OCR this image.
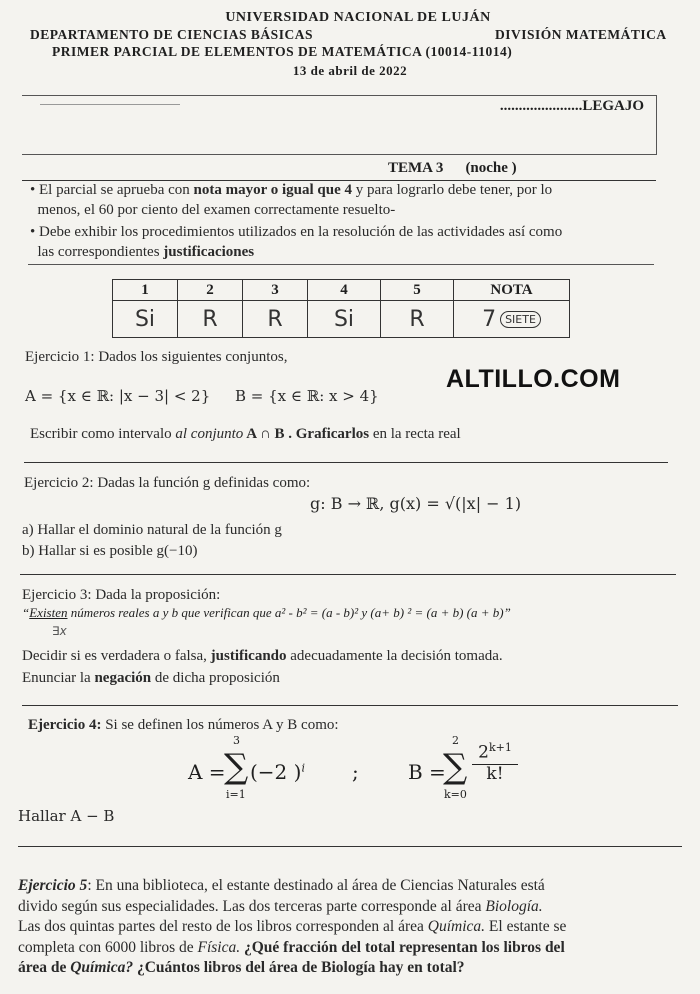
UNIVERSIDAD NACIONAL DE LUJÁN
DEPARTAMENTO DE CIENCIAS BÁSICAS	DIVISIÓN MATEMÁTICA
PRIMER PARCIAL DE ELEMENTOS DE MATEMÁTICA (10014-11014)
13 de abril de 2022
......................LEGAJO
TEMA 3 (noche )
• El parcial se aprueba con nota mayor o igual que 4 y para lograrlo debe tener, por lo
menos, el 60 por ciento del examen correctamente resuelto-
• Debe exhibir los procedimientos utilizados en la resolución de las actividades así como
las correspondientes justificaciones
1	2	3	4	5	NOTA
Si	R	R	Si	R	7 SIETE
Ejercicio 1: Dados los siguientes conjuntos,
ALTILLO.COM
A = {x ∈ ℝ: |x − 3| < 2} B = {x ∈ ℝ: x > 4}
Escribir como intervalo al conjunto A ∩ B . Graficarlos en la recta real
Ejercicio 2: Dadas la función g definidas como:
g: B → ℝ, g(x) = √(|x| − 1)
a) Hallar el dominio natural de la función g
b) Hallar si es posible g(−10)
Ejercicio 3: Dada la proposición:
“Existen números reales a y b que verifican que a² - b² = (a - b)² y (a+ b) ² = (a + b) (a + b)”
∃x
Decidir si es verdadera o falsa, justificando adecuadamente la decisión tomada.
Enunciar la negación de dicha proposición
Ejercicio 4: Si se definen los números A y B como:
A =
3
∑
i=1
(−2 )$^i$ ; B =
2
∑
k=0
$2^{k+1}$
k!
Hallar A − B
Ejercicio 5: En una biblioteca, el estante destinado al área de Ciencias Naturales está
divido según sus especialidades. Las dos terceras parte corresponde al área Biología.
Las dos quintas partes del resto de los libros corresponden al área Química. El estante se
completa con 6000 libros de Física. ¿Qué fracción del total representan los libros del
área de Química? ¿Cuántos libros del área de Biología hay en total?
